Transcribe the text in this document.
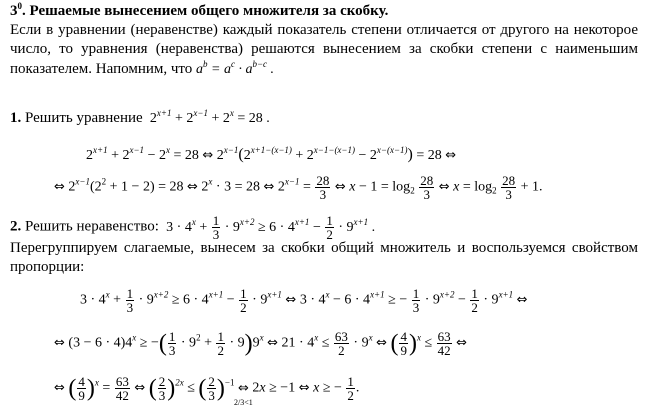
$3^0$. Решаемые вынесением общего множителя за скобку.
Если в уравнении (неравенстве) каждый показатель степени отличается от другого на некоторое
число, то уравнения (неравенства) решаются вынесением за скобки степени с наименьшим
показателем. Напомним, что $a^b = a^c \cdot a^{b-c}$ .
1. Решить уравнение  $2^{x+1} + 2^{x-1} + 2^x = 28$ .
$2^{x+1} + 2^{x-1} - 2^x = 28$ ⇔ $2^{x-1}(2^{x+1-(x-1)} + 2^{x-1-(x-1)} - 2^{x-(x-1)}) = 28$ ⇔
⇔ $2^{x-1}(2^2 + 1 - 2) = 28$ ⇔ $2^x \cdot 3 = 28$ ⇔ $2^{x-1} = \frac{28}{3}$ ⇔ $x - 1 = \log_2 \frac{28}{3}$ ⇔ $x = \log_2 \frac{28}{3} + 1$.
2. Решить неравенство:  $3 \cdot 4^x + \frac{1}{3} \cdot 9^{x+2} \ge 6 \cdot 4^{x+1} - \frac{1}{2} \cdot 9^{x+1}$ .
Перегруппируем слагаемые, вынесем за скобки общий множитель и воспользуемся свойством
пропорции:
$3 \cdot 4^x + \frac{1}{3} \cdot 9^{x+2} \ge 6 \cdot 4^{x+1} - \frac{1}{2} \cdot 9^{x+1}$ ⇔ $3 \cdot 4^x - 6 \cdot 4^{x+1}$ ≥ − $\frac{1}{3} \cdot 9^{x+2} - \frac{1}{2} \cdot 9^{x+1}$ ⇔
⇔ $(3 - 6 \cdot 4)4^x$ ≥ −( $\frac{1}{3} \cdot 9^2 + \frac{1}{2} \cdot 9)9^x$ ⇔ $21 \cdot 4^x \le \frac{63}{2} \cdot 9^x$ ⇔ ( $\frac{4}{9} )^x \le \frac{63}{42}$ ⇔
⇔ ( $\frac{4}{9} )^x = \frac{63}{42}$ ⇔ ( $\frac{2}{3} )^{2x}$ ≤ ( $\frac{2}{3} )^{-1}$ ⇔
2/3<1
2x ≥ −1 ⇔ x ≥ − $\frac{1}{2}$ .
